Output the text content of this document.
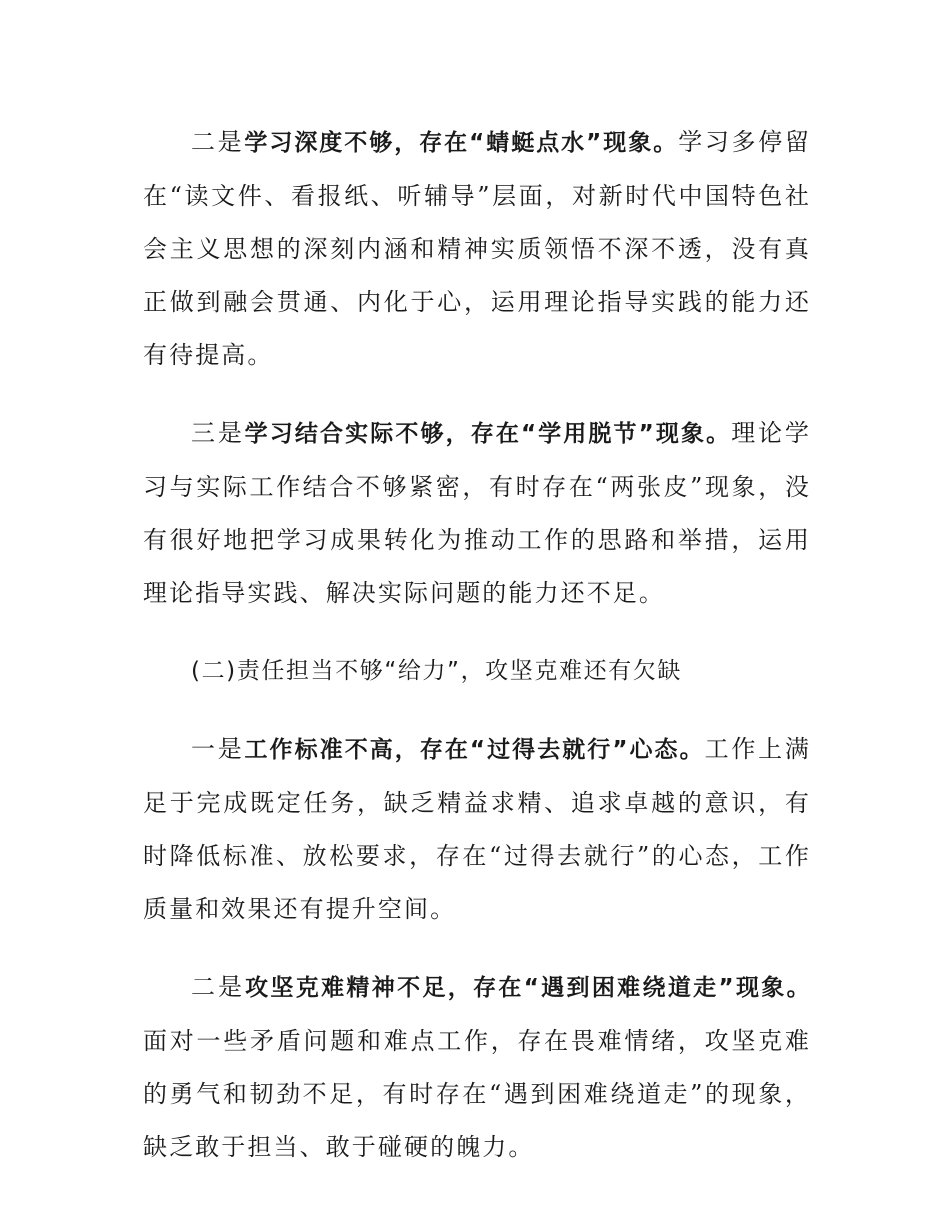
二是学习深度不够，存在“蜻蜓点水”现象。学习多停留在“读文件、看报纸、听辅导”层面，对新时代中国特色社会主义思想的深刻内涵和精神实质领悟不深不透，没有真正做到融会贯通、内化于心，运用理论指导实践的能力还有待提高。

三是学习结合实际不够，存在“学用脱节”现象。理论学习与实际工作结合不够紧密，有时存在“两张皮”现象，没有很好地把学习成果转化为推动工作的思路和举措，运用理论指导实践、解决实际问题的能力还不足。

(二)责任担当不够“给力”，攻坚克难还有欠缺

一是工作标准不高，存在“过得去就行”心态。工作上满足于完成既定任务，缺乏精益求精、追求卓越的意识，有时降低标准、放松要求，存在“过得去就行”的心态，工作质量和效果还有提升空间。

二是攻坚克难精神不足，存在“遇到困难绕道走”现象。面对一些矛盾问题和难点工作，存在畏难情绪，攻坚克难的勇气和韧劲不足，有时存在“遇到困难绕道走”的现象，缺乏敢于担当、敢于碰硬的魄力。
